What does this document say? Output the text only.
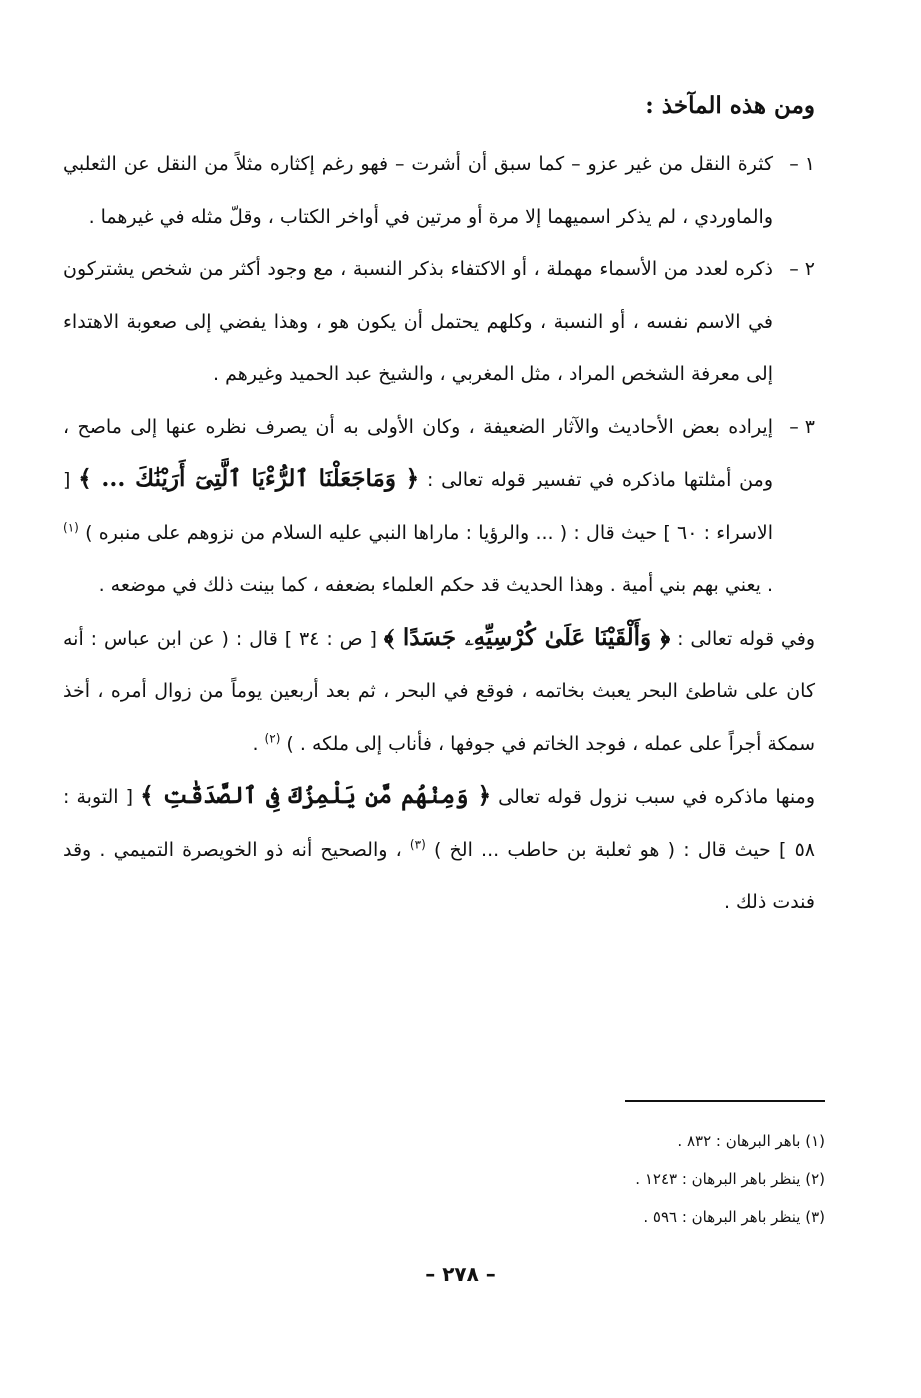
ومن هذه المآخذ :
١ –

كثرة النقل من غير عزو – كما سبق أن أشرت – فهو رغم إكثاره مثلاً من النقل عن الثعلبي والماوردي ، لم يذكر اسميهما إلا مرة أو مرتين في أواخر الكتاب ، وقلّ مثله في غيرهما .

٢ –

ذكره لعدد من الأسماء مهملة ، أو الاكتفاء بذكر النسبة ، مع وجود أكثر من شخص يشتركون في الاسم نفسه ، أو النسبة ، وكلهم يحتمل أن يكون هو ، وهذا يفضي إلى صعوبة الاهتداء إلى معرفة الشخص المراد ، مثل المغربي ، والشيخ عبد الحميد وغيرهم .

٣ –

إيراده بعض الأحاديث والآثار الضعيفة ، وكان الأولى به أن يصرف نظره عنها إلى ماصح ، ومن أمثلتها ماذكره في تفسير قوله تعالى : ﴿ وَمَاجَعَلْنَا ٱلرُّءْيَا ٱلَّتِىٓ أَرَيْنَٰكَ ... ﴾ [ الاسراء : ٦٠ ] حيث قال : ( ... والرؤيا : ماراها النبي عليه السلام من نزوهم على منبره ) $^{(١)}$ . يعني بهم بني أمية . وهذا الحديث قد حكم العلماء بضعفه ، كما بينت ذلك في موضعه .

وفي قوله تعالى : ﴿ وَأَلْقَيْنَا عَلَىٰ كُرْسِيِّهِۦ جَسَدًا ﴾ [ ص : ٣٤ ] قال : ( عن ابن عباس : أنه كان على شاطئ البحر يعبث بخاتمه ، فوقع في البحر ، ثم بعد أربعين يوماً من زوال أمره ، أخذ سمكة أجراً على عمله ، فوجد الخاتم في جوفها ، فأناب إلى ملكه . ) $^{(٢)}$ .

ومنها ماذكره في سبب نزول قوله تعالى ﴿ وَمِنْهُم مَّن يَلْمِزُكَ فِى ٱلصَّدَقَٰتِ ﴾ [ التوبة : ٥٨ ] حيث قال : ( هو ثعلبة بن حاطب ... الخ ) $^{(٣)}$ ، والصحيح أنه ذو الخويصرة التميمي . وقد فندت ذلك .

(١) باهر البرهان : ٨٣٢ .
(٢) ينظر باهر البرهان : ١٢٤٣ .
(٣) ينظر باهر البرهان : ٥٩٦ .
– ٢٧٨ –
